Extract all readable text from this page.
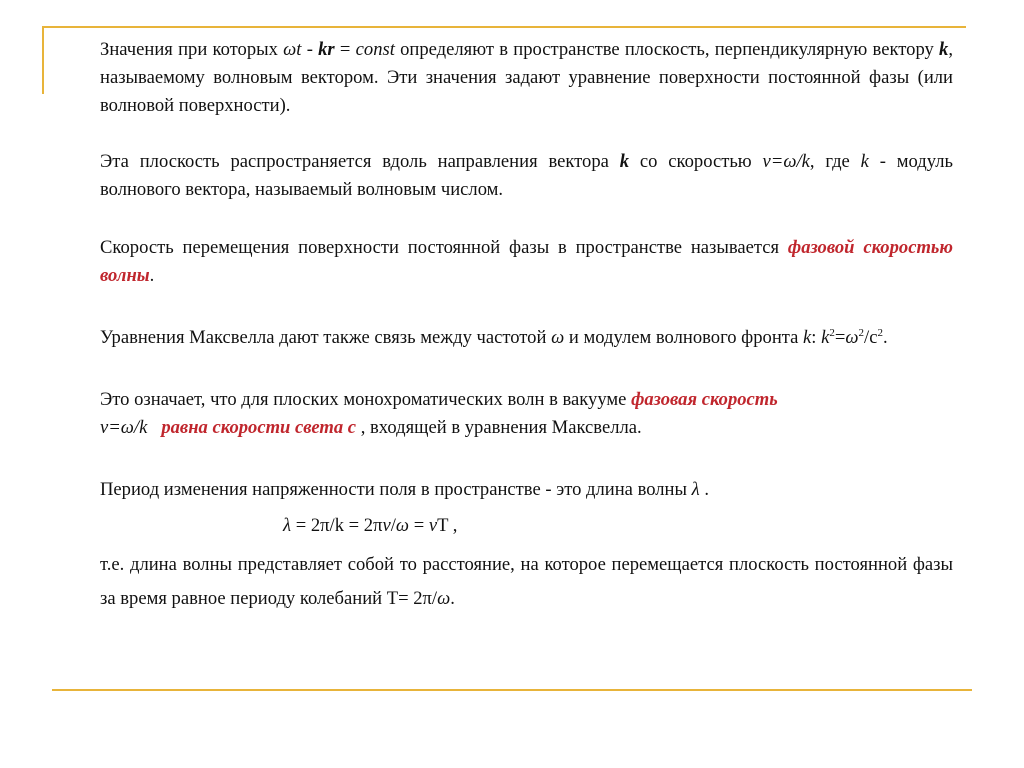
Значения при которых ωt - kr = const определяют в пространстве плоскость, перпендикулярную вектору k, называемому волновым вектором. Эти значения задают уравнение поверхности постоянной фазы (или волновой поверхности).

Эта плоскость распространяется вдоль направления вектора k со скоростью v=ω/k, где k - модуль волнового вектора, называемый волновым числом.

Скорость перемещения поверхности постоянной фазы в пространстве называется фазовой скоростью волны.

Уравнения Максвелла дают также связь между частотой ω и модулем волнового фронта k: $k^2=\omega^2/c^2$.

Это означает, что для плоских монохроматических волн в вакууме фазовая скорость
v=ω/k равна скорости света с , входящей в уравнения Максвелла.

Период изменения напряженности поля в пространстве - это длина волны λ .

λ = 2π/k = 2πv/ω = vT ,

т.е. длина волны представляет собой то расстояние, на которое перемещается плоскость постоянной фазы за время равное периоду колебаний T= 2π/ω.
